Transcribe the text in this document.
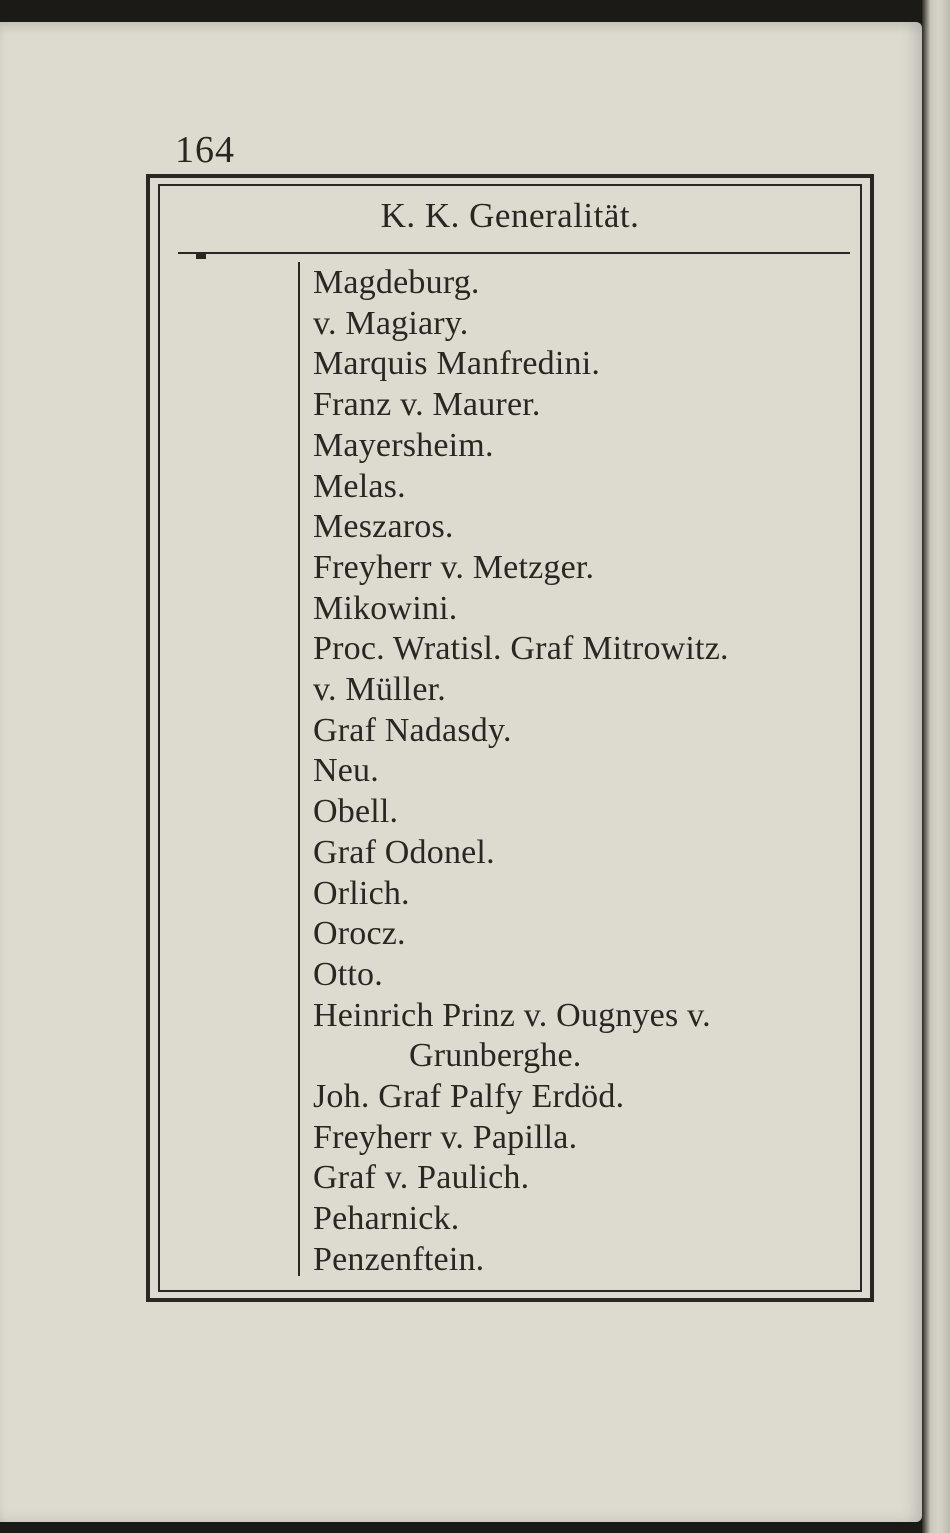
164
K. K. Generalität.
Magdeburg.
v. Magiary.
Marquis Manfredini.
Franz v. Maurer.
Mayersheim.
Melas.
Meszaros.
Freyherr v. Metzger.
Mikowini.
Proc. Wratisl. Graf Mitrowitz.
v. Müller.
Graf Nadasdy.
Neu.
Obell.
Graf Odonel.
Orlich.
Orocz.
Otto.
Heinrich Prinz v. Ougnyes v.
Grunberghe.
Joh. Graf Palfy Erdöd.
Freyherr v. Papilla.
Graf v. Paulich.
Peharnick.
Penzenftein.
